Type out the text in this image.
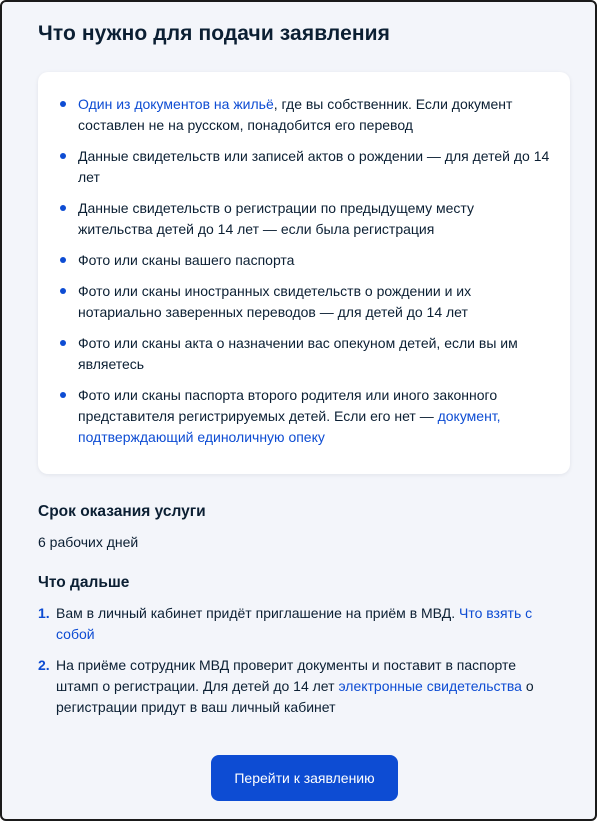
Что нужно для подачи заявления
Один из документов на жильё, где вы собственник. Если документ составлен не на русском, понадобится его перевод
Данные свидетельств или записей актов о рождении — для детей до 14 лет
Данные свидетельств о регистрации по предыдущему месту жительства детей до 14 лет — если была регистрация
Фото или сканы вашего паспорта
Фото или сканы иностранных свидетельств о рождении и их нотариально заверенных переводов — для детей до 14 лет
Фото или сканы акта о назначении вас опекуном детей, если вы им являетесь
Фото или сканы паспорта второго родителя или иного законного представителя регистрируемых детей. Если его нет — документ, подтверждающий единоличную опеку
Срок оказания услуги
6 рабочих дней
Что дальше
1. Вам в личный кабинет придёт приглашение на приём в МВД. Что взять с собой
2. На приёме сотрудник МВД проверит документы и поставит в паспорте штамп о регистрации. Для детей до 14 лет электронные свидетельства о регистрации придут в ваш личный кабинет
Перейти к заявлению
